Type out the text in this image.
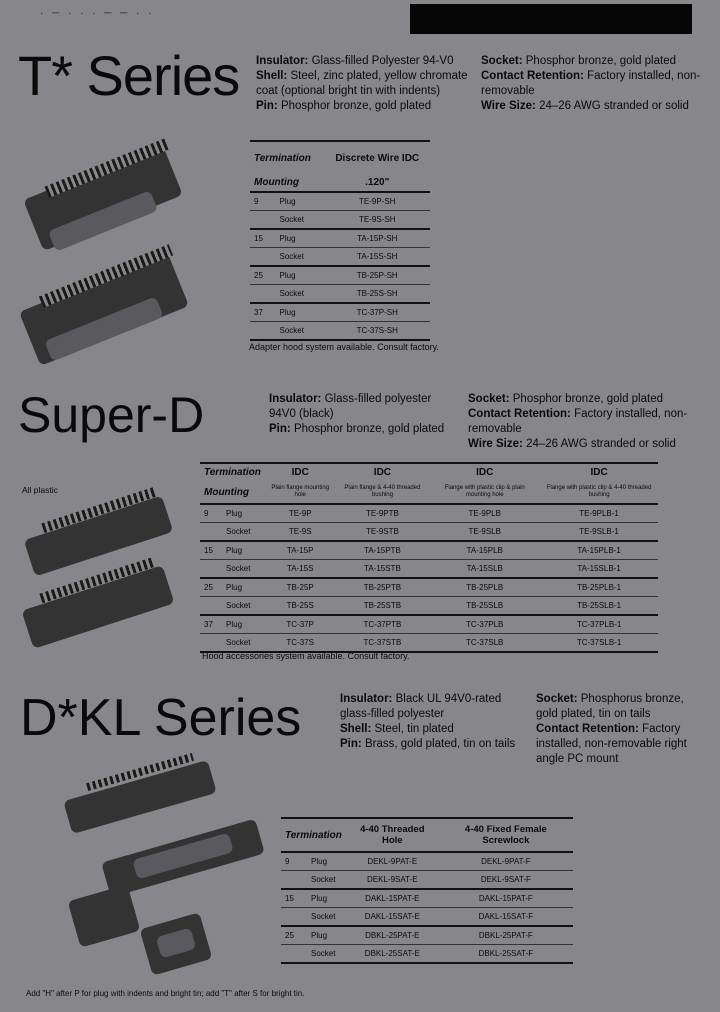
· ─ · · · ─ ─ · ·
T* Series Insulator: Glass-filled Polyester 94-V0
Shell: Steel, zinc plated, yellow chromate coat (optional bright tin with indents)
Pin: Phosphor bronze, gold plated
Socket: Phosphor bronze, gold plated
Contact Retention: Factory installed, non-removable
Wire Size: 24–26 AWG stranded or solid
Termination		Discrete Wire IDC
Mounting		.120"
9	Plug	TE-9P-SH
	Socket	TE-9S-SH
15	Plug	TA-15P-SH
	Socket	TA-15S-SH
25	Plug	TB-25P-SH
	Socket	TB-25S-SH
37	Plug	TC-37P-SH
	Socket	TC-37S-SH
Adapter hood system available. Consult factory.
Super-D	Insulator: Glass-filled polyester 94V0 (black)
Pin: Phosphor bronze, gold plated
Socket: Phosphor bronze, gold plated
Contact Retention: Factory installed, non-removable
Wire Size: 24–26 AWG stranded or solid
All plastic
Termination		IDC	IDC	IDC	IDC
Mounting		Plain flange mounting hole	Plain flange & 4-40 threaded bushing	Flange with plastic clip & plain mounting hole	Flange with plastic clip & 4-40 threaded bushing
9	Plug	TE-9P	TE-9PTB	TE-9PLB	TE-9PLB-1
	Socket	TE-9S	TE-9STB	TE-9SLB	TE-9SLB-1
15	Plug	TA-15P	TA-15PTB	TA-15PLB	TA-15PLB-1
	Socket	TA-15S	TA-15STB	TA-15SLB	TA-15SLB-1
25	Plug	TB-25P	TB-25PTB	TB-25PLB	TB-25PLB-1
	Socket	TB-25S	TB-25STB	TB-25SLB	TB-25SLB-1
37	Plug	TC-37P	TC-37PTB	TC-37PLB	TC-37PLB-1
	Socket	TC-37S	TC-37STB	TC-37SLB	TC-37SLB-1
Hood accessories system available. Consult factory.
D*KL Series	Insulator: Black UL 94V0-rated glass-filled polyester
Shell: Steel, tin plated
Pin: Brass, gold plated, tin on tails
Socket: Phosphorus bronze, gold plated, tin on tails
Contact Retention: Factory installed, non-removable right angle PC mount
Termination		4-40 Threaded Hole	4-40 Fixed Female Screwlock
9	Plug	DEKL-9PAT-E	DEKL-9PAT-F
	Socket	DEKL-9SAT-E	DEKL-9SAT-F
15	Plug	DAKL-15PAT-E	DAKL-15PAT-F
	Socket	DAKL-15SAT-E	DAKL-15SAT-F
25	Plug	DBKL-25PAT-E	DBKL-25PAT-F
	Socket	DBKL-25SAT-E	DBKL-25SAT-F
Add "H" after P for plug with indents and bright tin; add "T" after S for bright tin.
